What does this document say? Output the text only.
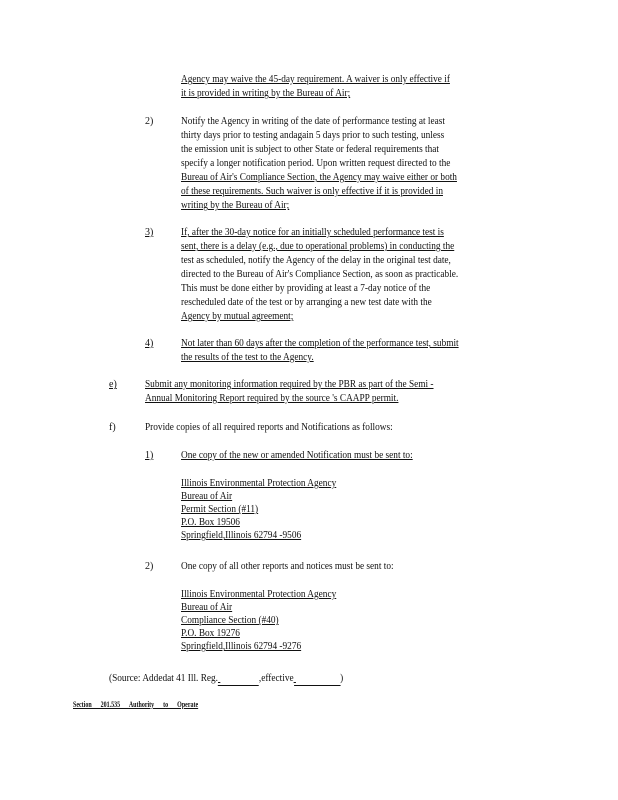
Agency may waive the 45-day requirement. A waiver is only effective if
it is provided in writing by the Bureau of Air;
2)	Notify the Agency in writing of the date of performance testing at least
thirty days prior to testing andagain 5 days prior to such testing, unless
the emission unit is subject to other State or federal requirements that
specify a longer notification period. Upon written request directed to the
Bureau of Air's Compliance Section, the Agency may waive either or both
of these requirements. Such waiver is only effective if it is provided in
writing by the Bureau of Air;
3)	If, after the 30-day notice for an initially scheduled performance test is
sent, there is a delay (e.g., due to operational problems) in conducting the
test as scheduled, notify the Agency of the delay in the original test date,
directed to the Bureau of Air's Compliance Section, as soon as practicable.
This must be done either by providing at least a 7-day notice of the
rescheduled date of the test or by arranging a new test date with the
Agency by mutual agreement;
4)	Not later than 60 days after the completion of the performance test, submit
the results of the test to the Agency.
e)	Submit any monitoring information required by the PBR as part of the Semi -
Annual Monitoring Report required by the source 's CAAPP permit.
f)	Provide copies of all required reports and Notifications as follows:
1)	One copy of the new or amended Notification must be sent to:
Illinois Environmental Protection Agency
Bureau of Air
Permit Section (#11)
P.O. Box 19506
Springfield,Illinois 62794 -9506
2)	One copy of all other reports and notices must be sent to:
Illinois Environmental Protection Agency
Bureau of Air
Compliance Section (#40)
P.O. Box 19276
Springfield,Illinois 62794 -9276
(Source: Addedat 41 Ill. Reg.	,effective	)
Section 201.535 Authority to Operate
